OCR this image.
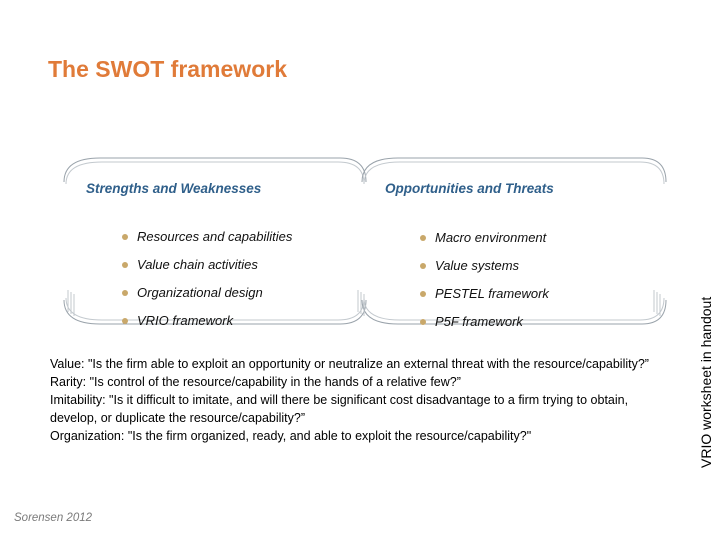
The SWOT framework
Strengths and Weaknesses	Opportunities and Threats
Resources and capabilities
Value chain activities
Organizational design
VRIO framework
Macro environment
Value systems
PESTEL framework
P5F framework	VRIO worksheet in handout
Value: "Is the firm able to exploit an opportunity or neutralize an external threat with the resource/capability?”
Rarity: "Is control of the resource/capability in the hands of a relative few?”
Imitability: "Is it difficult to imitate, and will there be significant cost disadvantage to a firm trying to obtain, develop, or duplicate the resource/capability?”
Organization: "Is the firm organized, ready, and able to exploit the resource/capability?"
Sorensen 2012
